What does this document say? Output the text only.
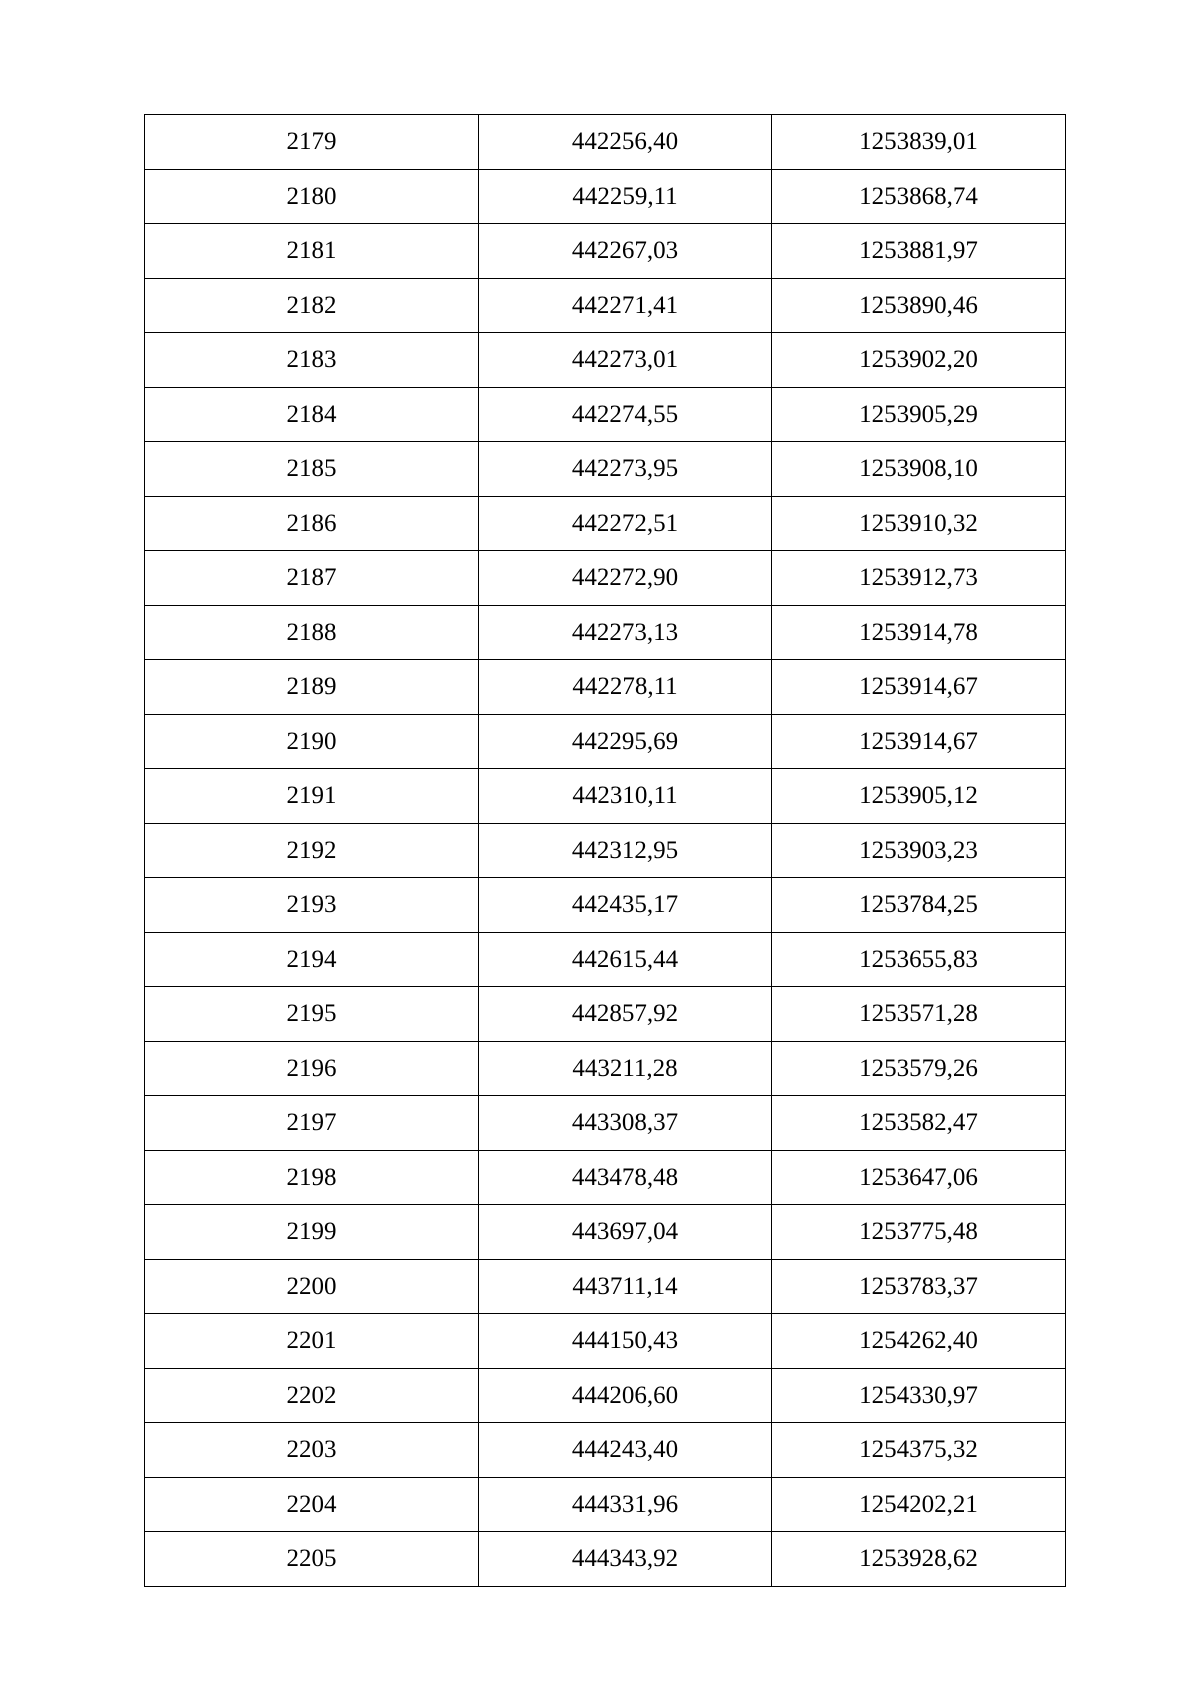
2179	442256,40	1253839,01
2180	442259,11	1253868,74
2181	442267,03	1253881,97
2182	442271,41	1253890,46
2183	442273,01	1253902,20
2184	442274,55	1253905,29
2185	442273,95	1253908,10
2186	442272,51	1253910,32
2187	442272,90	1253912,73
2188	442273,13	1253914,78
2189	442278,11	1253914,67
2190	442295,69	1253914,67
2191	442310,11	1253905,12
2192	442312,95	1253903,23
2193	442435,17	1253784,25
2194	442615,44	1253655,83
2195	442857,92	1253571,28
2196	443211,28	1253579,26
2197	443308,37	1253582,47
2198	443478,48	1253647,06
2199	443697,04	1253775,48
2200	443711,14	1253783,37
2201	444150,43	1254262,40
2202	444206,60	1254330,97
2203	444243,40	1254375,32
2204	444331,96	1254202,21
2205	444343,92	1253928,62
